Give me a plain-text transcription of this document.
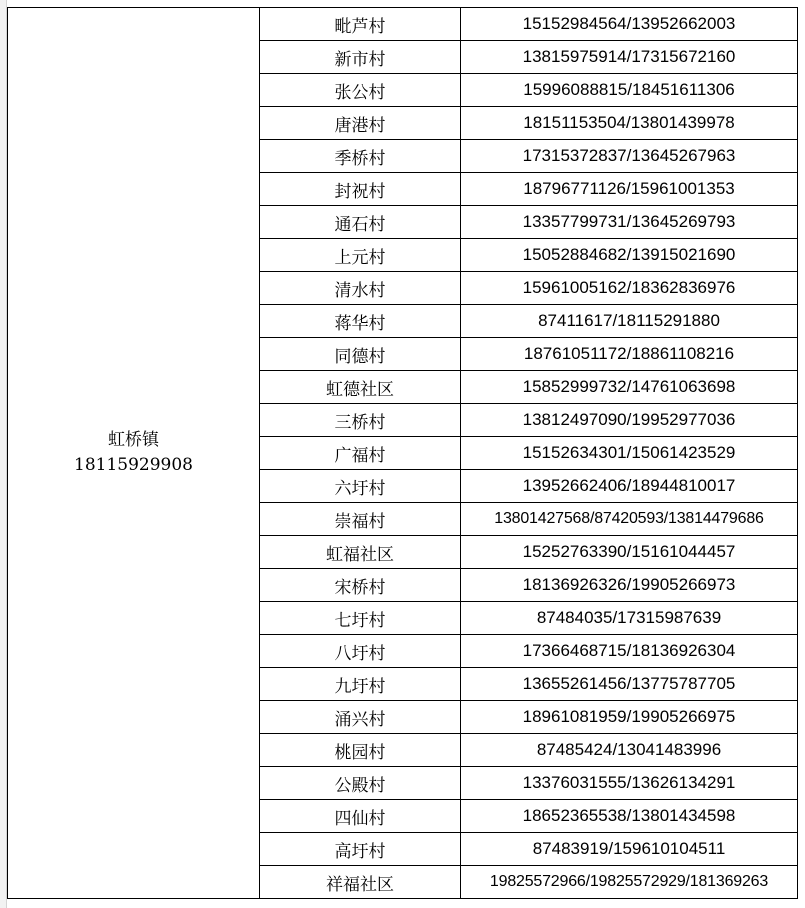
虹桥镇
18115929908	毗芦村	15152984564/13952662003
	新市村	13815975914/17315672160
	张公村	15996088815/18451611306
	唐港村	18151153504/13801439978
	季桥村	17315372837/13645267963
	封祝村	18796771126/15961001353
	通石村	13357799731/13645269793
	上元村	15052884682/13915021690
	清水村	15961005162/18362836976
	蒋华村	87411617/18115291880
	同德村	18761051172/18861108216
	虹德社区	15852999732/14761063698
	三桥村	13812497090/19952977036
	广福村	15152634301/15061423529
	六圩村	13952662406/18944810017
	崇福村	13801427568/87420593/13814479686
	虹福社区	15252763390/15161044457
	宋桥村	18136926326/19905266973
	七圩村	87484035/17315987639
	八圩村	17366468715/18136926304
	九圩村	13655261456/13775787705
	涌兴村	18961081959/19905266975
	桃园村	87485424/13041483996
	公殿村	13376031555/13626134291
	四仙村	18652365538/13801434598
	高圩村	87483919/159610104511
	祥福社区	19825572966/19825572929/181369263
